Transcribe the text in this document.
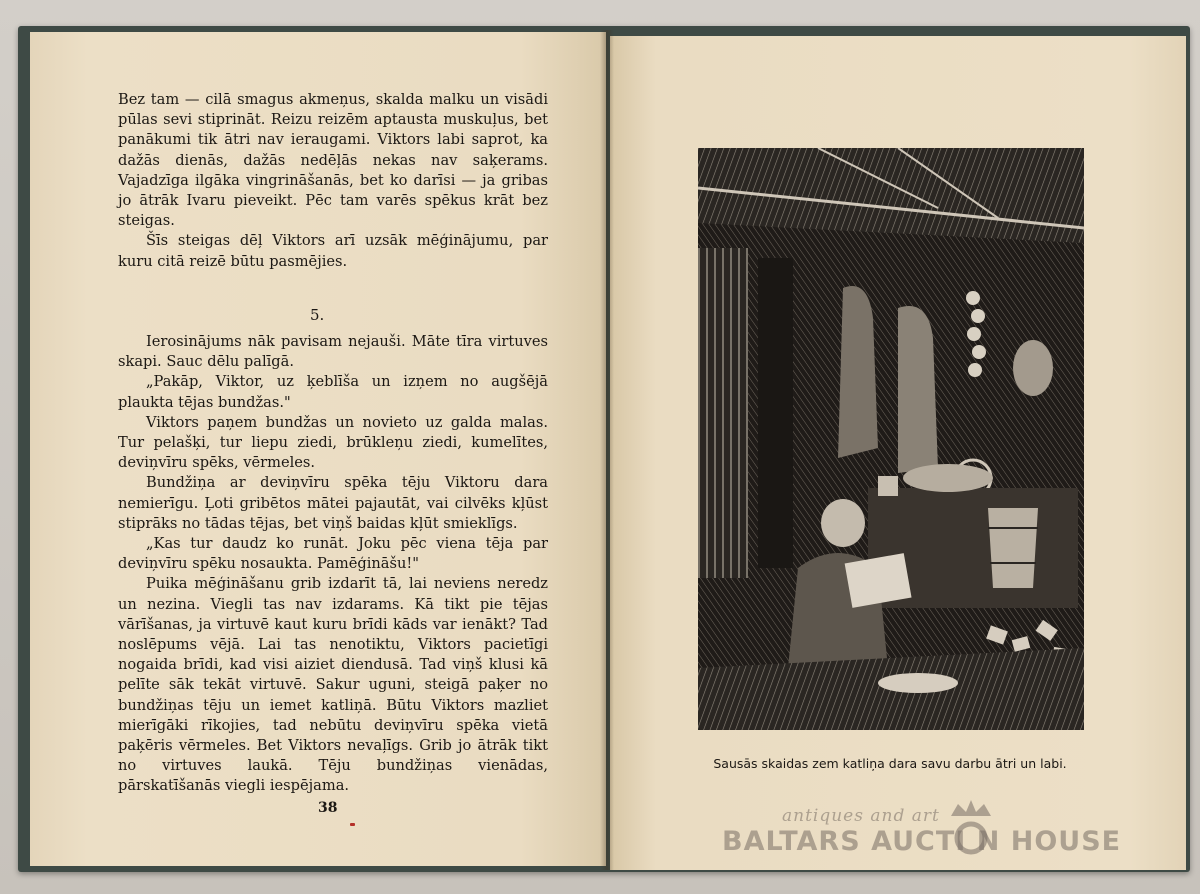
Bez tam — cilā smagus akmeņus, skalda malku un visādi pūlas sevi stiprināt. Reizu reizēm aptausta muskuļus, bet panākumi tik ātri nav ieraugami. Viktors labi saprot, ka dažās dienās, dažās nedēļās nekas nav saķerams. Vajadzīga ilgāka vingrināšanās, bet ko darīsi — ja gribas jo ātrāk Ivaru pieveikt. Pēc tam varēs spēkus krāt bez steigas.

Šīs steigas dēļ Viktors arī uzsāk mēģinājumu, par kuru citā reizē būtu pasmējies.

5.

Ierosinājums nāk pavisam nejauši. Māte tīra virtuves skapi. Sauc dēlu palīgā.

„Pakāp, Viktor, uz ķeblīša un izņem no augšējā plaukta tējas bundžas."

Viktors paņem bundžas un novieto uz galda malas. Tur pelašķi, tur liepu ziedi, brūkleņu ziedi, kumelītes, deviņvīru spēks, vērmeles.

Bundžiņa ar deviņvīru spēka tēju Viktoru dara nemierīgu. Ļoti gribētos mātei pajautāt, vai cilvēks kļūst stiprāks no tādas tējas, bet viņš baidas kļūt smieklīgs.

„Kas tur daudz ko runāt. Joku pēc viena tēja par deviņvīru spēku nosaukta. Pamēģināšu!"

Puika mēģināšanu grib izdarīt tā, lai neviens neredz un nezina. Viegli tas nav izdarams. Kā tikt pie tējas vārīšanas, ja virtuvē kaut kuru brīdi kāds var ienākt? Tad noslēpums vējā. Lai tas nenotiktu, Viktors pacietīgi nogaida brīdi, kad visi aiziet diendusā. Tad viņš klusi kā pelīte sāk tekāt virtuvē. Sakur uguni, steigā paķer no bundžiņas tēju un iemet katliņā. Būtu Viktors mazliet mierīgāki rīkojies, tad nebūtu deviņvīru spēka vietā paķēris vērmeles. Bet Viktors nevaļīgs. Grib jo ātrāk tikt no virtuves laukā. Tēju bundžiņas vienādas, pārskatīšanās viegli iespējama.

38
Sausās skaidas zem katliņa dara savu darbu ātri un labi.
antiques and art
BALTARS AUCTI N HOUSE
